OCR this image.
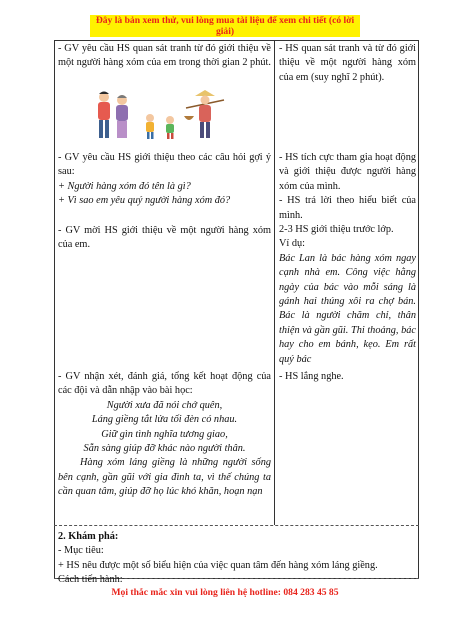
Đây là bản xem thử, vui lòng mua tài liệu để xem chi tiết (có lời giải)
- GV yêu cầu HS quan sát tranh từ đó giới thiệu về một người hàng xóm của em trong thời gian 2 phút.
- HS quan sát tranh và từ đó giới thiệu về một người hàng xóm của em (suy nghĩ 2 phút).

- GV yêu cầu HS giới thiệu theo các câu hỏi gợi ý sau:

+ Người hàng xóm đó tên là gì?

+ Vì sao em yêu quý người hàng xóm đó?

- GV mời HS giới thiệu về một người hàng xóm của em.

- HS tích cực tham gia hoạt động và giới thiệu được người hàng xóm của mình.

- HS trả lời theo hiểu biết của mình.

2-3 HS giới thiệu trước lớp.

Ví dụ:

Bác Lan là bác hàng xóm ngay cạnh nhà em. Công việc hằng ngày của bác vào mỗi sáng là gánh hai thúng xôi ra chợ bán. Bác là người chăm chỉ, thân thiện và gần gũi. Thi thoảng, bác hay cho em bánh, kẹo. Em rất quý bác

- GV nhận xét, đánh giá, tổng kết hoạt động của các đội và dẫn nhập vào bài học:

Người xưa đã nói chớ quên,

Láng giềng tắt lửa tối đèn có nhau.

Giữ gìn tình nghĩa tương giao,

Sẵn sàng giúp đỡ khác nào người thân.

Hàng xóm láng giềng là những người sống bên cạnh, gần gũi với gia đình ta, vì thế chúng ta cần quan tâm, giúp đỡ họ lúc khó khăn, hoạn nạn

- HS lắng nghe.

2. Khám phá:

- Mục tiêu:

+ HS nêu được một số biểu hiện của việc quan tâm đến hàng xóm láng giềng.

Cách tiến hành:

Mọi thắc mắc xin vui lòng liên hệ hotline: 084 283 45 85
